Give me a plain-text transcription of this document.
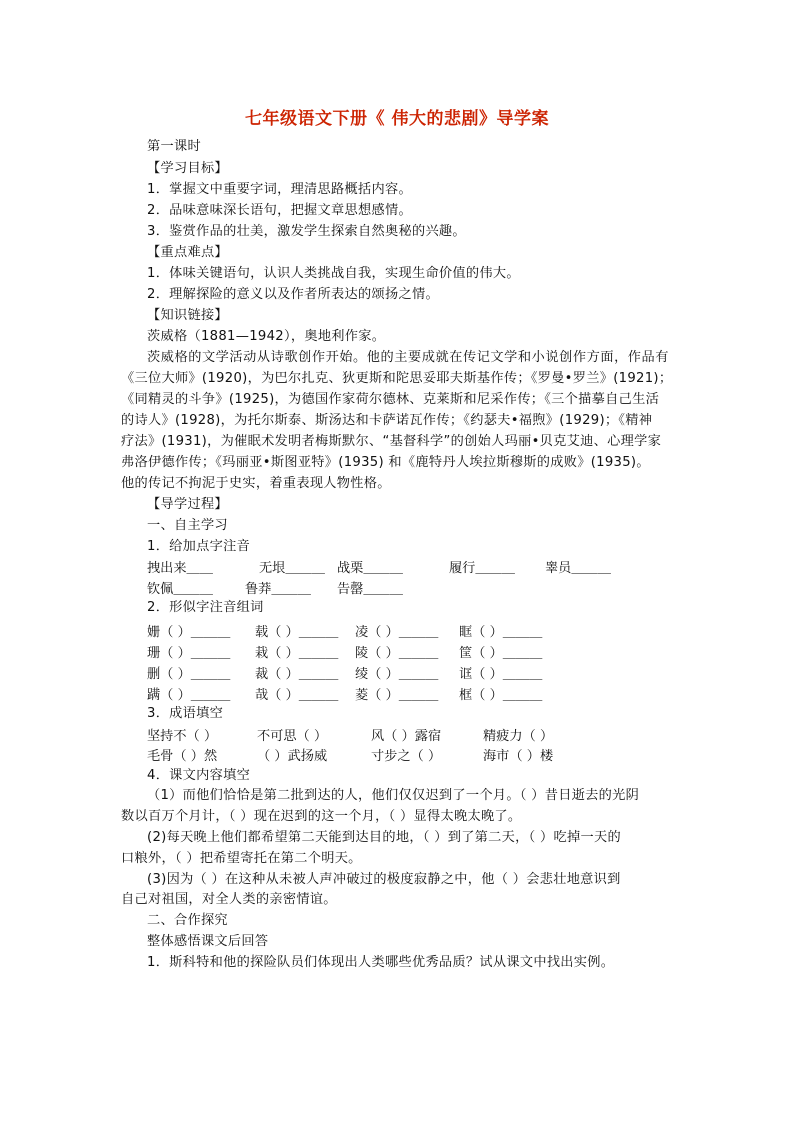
七年级语文下册《 伟大的悲剧》导学案
第一课时
【学习目标】
1．掌握文中重要字词，理清思路概括内容。
2．品味意味深长语句，把握文章思想感情。
3．鉴赏作品的壮美，激发学生探索自然奥秘的兴趣。
【重点难点】
1．体味关键语句，认识人类挑战自我，实现生命价值的伟大。
2．理解探险的意义以及作者所表达的颂扬之情。
【知识链接】
茨威格（1881—1942），奥地利作家。
茨威格的文学活动从诗歌创作开始。他的主要成就在传记文学和小说创作方面，作品有
《三位大师》(1920)，为巴尔扎克、狄更斯和陀思妥耶夫斯基作传；《罗曼•罗兰》(1921)；
《同精灵的斗争》(1925)，为德国作家荷尔德林、克莱斯和尼采作传；《三个描摹自己生活
的诗人》(1928)，为托尔斯泰、斯汤达和卡萨诺瓦作传；《约瑟夫•福煦》(1929)；《精神
疗法》(1931)，为催眠术发明者梅斯默尔、“基督科学”的创始人玛丽•贝克艾迪、心理学家
弗洛伊德作传；《玛丽亚•斯图亚特》(1935) 和《鹿特丹人埃拉斯穆斯的成败》(1935)。
他的传记不拘泥于史实，着重表现人物性格。
【导学过程】
一、自主学习
1．给加点字注音
拽出来＿＿	无垠＿＿＿ 战栗＿＿＿	履行＿＿＿ 睾员＿＿＿
钦佩＿＿＿ 鲁莽＿＿＿ 告罄＿＿＿
2．形似字注音组词
姗（ ）＿＿＿ 载（ ）＿＿＿ 凌（ ）＿＿＿ 眶（ ）＿＿＿
珊（ ）＿＿＿ 栽（ ）＿＿＿ 陵（ ）＿＿＿ 筐（ ）＿＿＿
删（ ）＿＿＿ 裁（ ）＿＿＿ 绫（ ）＿＿＿ 诓（ ）＿＿＿
蹒（ ）＿＿＿ 哉（ ）＿＿＿ 菱（ ）＿＿＿ 框（ ）＿＿＿
3．成语填空
坚持不（ ）	不可思（ ）	风（ ）露宿	精疲力（ ）
毛骨（ ）然	（ ）武扬威	寸步之（ ）	海市（ ）楼
4．课文内容填空
（1）而他们恰恰是第二批到达的人，他们仅仅迟到了一个月。（ ）昔日逝去的光阴
数以百万个月计，（ ）现在迟到的这一个月，（ ）显得太晚太晚了。
(2)每天晚上他们都希望第二天能到达目的地，（ ）到了第二天，（ ）吃掉一天的
口粮外，（ ）把希望寄托在第二个明天。
(3)因为（ ）在这种从未被人声冲破过的极度寂静之中，他（ ）会悲壮地意识到
自己对祖国，对全人类的亲密情谊。
二、合作探究
整体感悟课文后回答
1．斯科特和他的探险队员们体现出人类哪些优秀品质？试从课文中找出实例。
